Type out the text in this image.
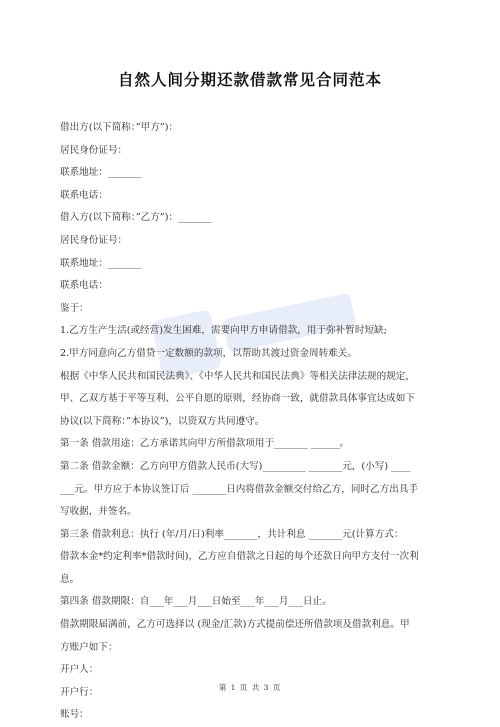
自然人间分期还款借款常见合同范本
借出方(以下简称：”甲方”)：
居民身份证号：
联系地址：_______
联系电话：
借入方(以下简称：”乙方”)：_______
居民身份证号：
联系地址：_______
联系电话：
鉴于：
1.乙方生产生活(或经营)发生困难，需要向甲方申请借款，用于弥补暂时短缺;
2.甲方同意向乙方借贷一定数额的款项，以帮助其渡过资金周转难关。
根据《中华人民共和国民法典》、《中华人民共和国民法典》等相关法律法规的规定，
甲、乙双方基于平等互利、公平自愿的原则，经协商一致，就借款具体事宜达成如下
协议(以下简称：”本协议”)，以资双方共同遵守。
第一条 借款用途：乙方承诺其向甲方所借款项用于_______ ______。
第二条 借款金额：乙方向甲方借款人民币(大写)_________ _______元，(小写) ____
___元。甲方应于本协议签订后 _______日内将借款金额交付给乙方，同时乙方出具手
写收据，并签名。
第三条 借款利息：执行 (年/月/日)利率_______，共计利息 _______元(计算方式：
借款本金*约定利率*借款时间)，乙方应自借款之日起的每个还款日向甲方支付一次利
息。
第四条 借款期限：自___年___月___日始至___年___月___日止。
借款期限届满前，乙方可选择以 (现金/汇款)方式提前偿还所借款项及借款利息。甲
方账户如下：
开户人：
开户行：
账号：
第 1 页 共 3 页
